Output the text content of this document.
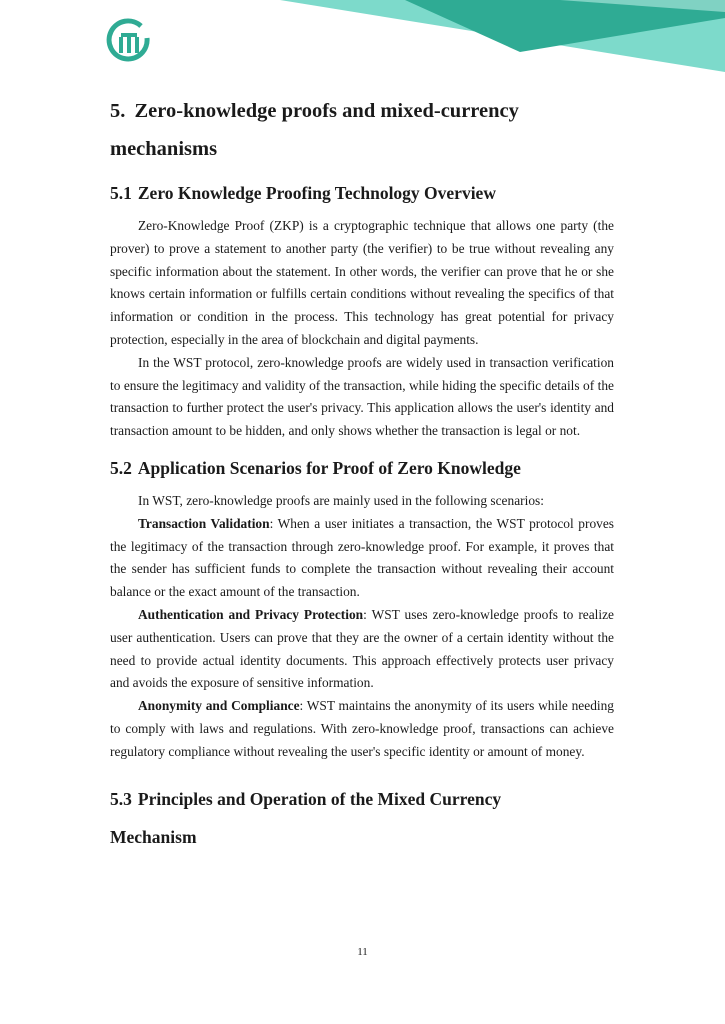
5. Zero-knowledge proofs and mixed-currency
mechanisms
5.1 Zero Knowledge Proofing Technology Overview

Zero-Knowledge Proof (ZKP) is a cryptographic technique that allows one party (the prover) to prove a statement to another party (the verifier) to be true without revealing any specific information about the statement. In other words, the verifier can prove that he or she knows certain information or fulfills certain conditions without revealing the specifics of that information or condition in the process. This technology has great potential for privacy protection, especially in the area of blockchain and digital payments.

In the WST protocol, zero-knowledge proofs are widely used in transaction verification to ensure the legitimacy and validity of the transaction, while hiding the specific details of the transaction to further protect the user's privacy. This application allows the user's identity and transaction amount to be hidden, and only shows whether the transaction is legal or not.

5.2 Application Scenarios for Proof of Zero Knowledge

In WST, zero-knowledge proofs are mainly used in the following scenarios:

Transaction Validation: When a user initiates a transaction, the WST protocol proves the legitimacy of the transaction through zero-knowledge proof. For example, it proves that the sender has sufficient funds to complete the transaction without revealing their account balance or the exact amount of the transaction.

Authentication and Privacy Protection: WST uses zero-knowledge proofs to realize user authentication. Users can prove that they are the owner of a certain identity without the need to provide actual identity documents. This approach effectively protects user privacy and avoids the exposure of sensitive information.

Anonymity and Compliance: WST maintains the anonymity of its users while needing to comply with laws and regulations. With zero-knowledge proof, transactions can achieve regulatory compliance without revealing the user's specific identity or amount of money.

5.3 Principles and Operation of the Mixed Currency
Mechanism
11
